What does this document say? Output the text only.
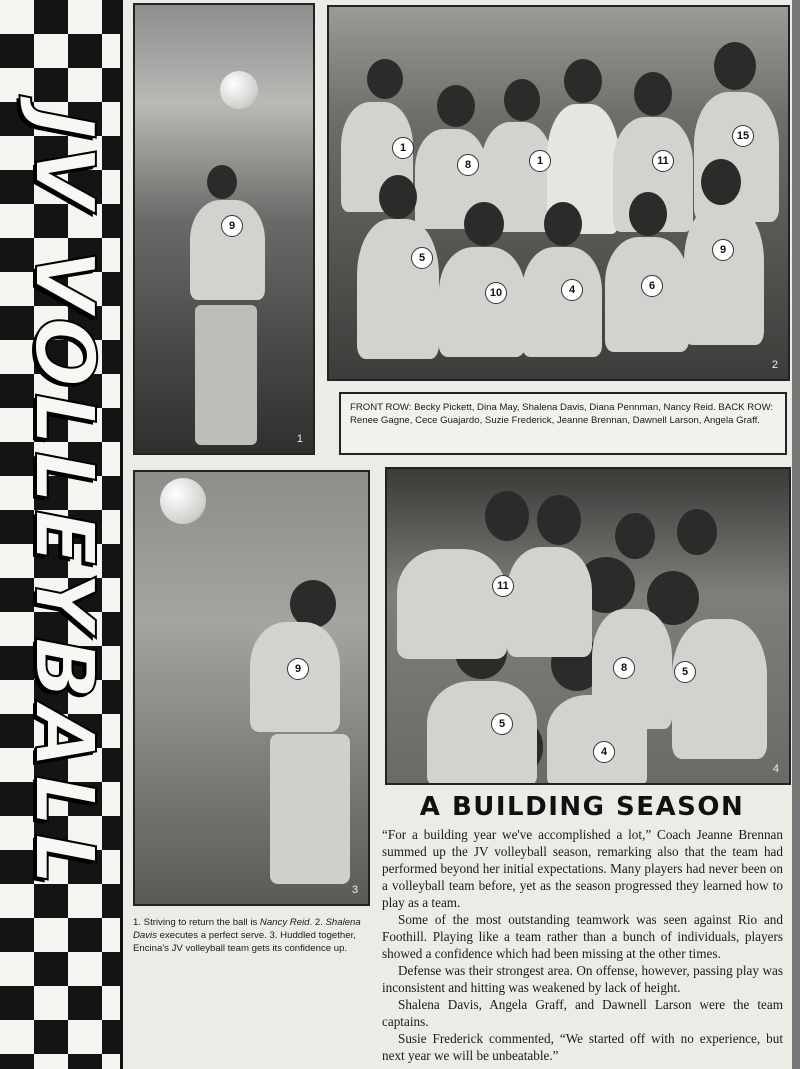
JV VOLLEYBALL	9
1
1
8	1	11
15
5
10	4	6
9
2
FRONT ROW: Becky Pickett, Dina May, Shalena Davis, Diana Pennman, Nancy Reid. BACK ROW: Renee Gagne, Cece Guajardo, Suzie Frederick, Jeanne Brennan, Dawnell Larson, Angela Graff.
9
3
1. Striving to return the ball is Nancy Reid. 2. Shalena Davis executes a perfect serve. 3. Huddled together, Encina's JV volleyball team gets its confidence up.
11
8	5
5
4
4
A BUILDING SEASON

“For a building year we've accomplished a lot,” Coach Jeanne Brennan summed up the JV volleyball season, remarking also that the team had performed beyond her initial expectations. Many players had never been on a volleyball team before, yet as the season progressed they learned how to play as a team.

Some of the most outstanding teamwork was seen against Rio and Foothill. Playing like a team rather than a bunch of individuals, players showed a confidence which had been missing at the other times.

Defense was their strongest area. On offense, however, passing play was inconsistent and hitting was weakened by lack of height.

Shalena Davis, Angela Graff, and Dawnell Larson were the team captains.

Susie Frederick commented, “We started off with no experience, but next year we will be unbeatable.”
